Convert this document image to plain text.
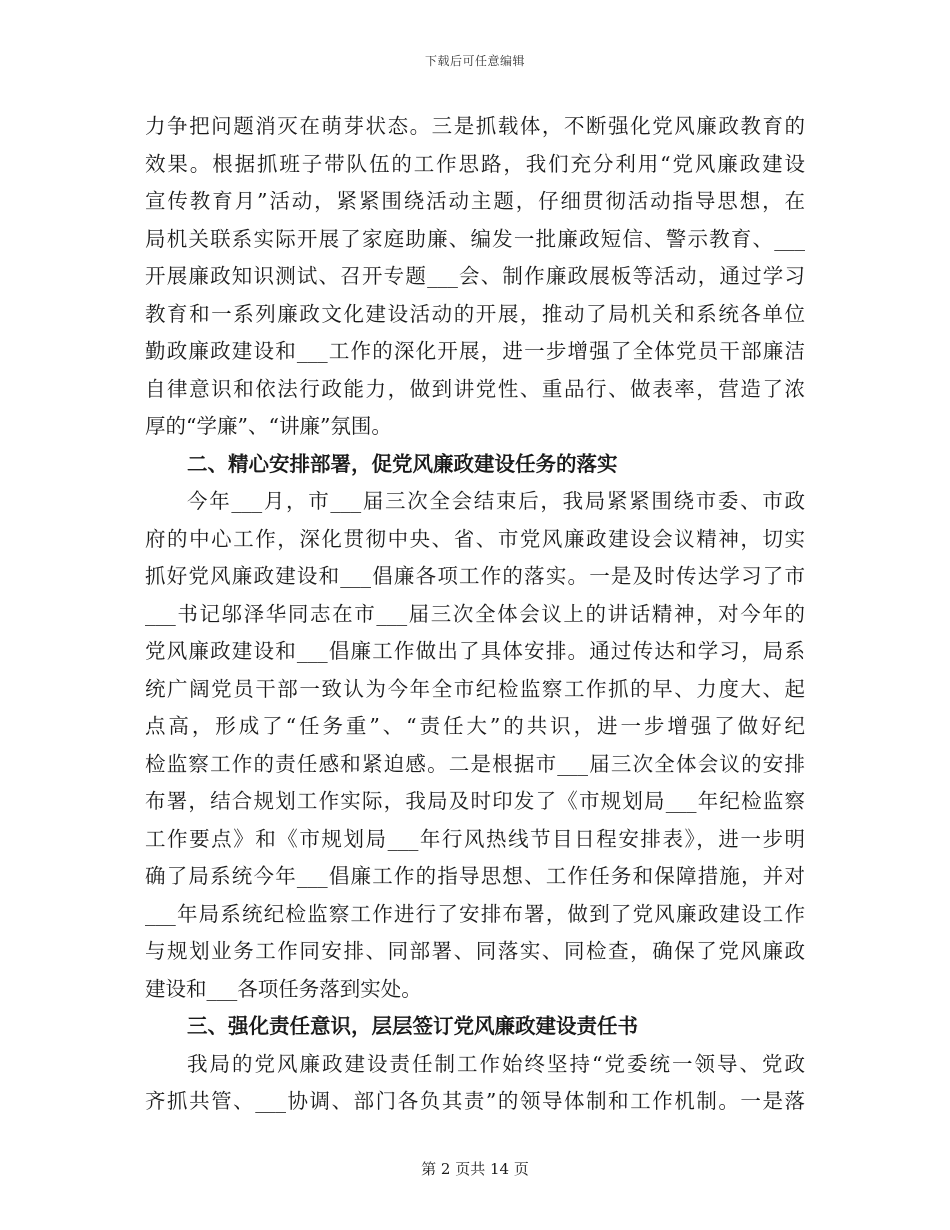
下载后可任意编辑
力争把问题消灭在萌芽状态。三是抓载体，不断强化党风廉政教育的
效果。根据抓班子带队伍的工作思路，我们充分利用“党风廉政建设
宣传教育月”活动，紧紧围绕活动主题，仔细贯彻活动指导思想，在
局机关联系实际开展了家庭助廉、编发一批廉政短信、警示教育、___
开展廉政知识测试、召开专题___会、制作廉政展板等活动，通过学习
教育和一系列廉政文化建设活动的开展，推动了局机关和系统各单位
勤政廉政建设和___工作的深化开展，进一步增强了全体党员干部廉洁
自律意识和依法行政能力，做到讲党性、重品行、做表率，营造了浓
厚的“学廉”、“讲廉”氛围。
二、精心安排部署，促党风廉政建设任务的落实
今年___月，市___届三次全会结束后，我局紧紧围绕市委、市政
府的中心工作，深化贯彻中央、省、市党风廉政建设会议精神，切实
抓好党风廉政建设和___倡廉各项工作的落实。一是及时传达学习了市
___书记邬泽华同志在市___届三次全体会议上的讲话精神，对今年的
党风廉政建设和___倡廉工作做出了具体安排。通过传达和学习，局系
统广阔党员干部一致认为今年全市纪检监察工作抓的早、力度大、起
点高，形成了“任务重”、“责任大”的共识，进一步增强了做好纪
检监察工作的责任感和紧迫感。二是根据市___届三次全体会议的安排
布署，结合规划工作实际，我局及时印发了《市规划局___年纪检监察
工作要点》和《市规划局___年行风热线节目日程安排表》，进一步明
确了局系统今年___倡廉工作的指导思想、工作任务和保障措施，并对
___年局系统纪检监察工作进行了安排布署，做到了党风廉政建设工作
与规划业务工作同安排、同部署、同落实、同检查，确保了党风廉政
建设和___各项任务落到实处。
三、强化责任意识，层层签订党风廉政建设责任书
我局的党风廉政建设责任制工作始终坚持“党委统一领导、党政
齐抓共管、___协调、部门各负其责”的领导体制和工作机制。一是落
第 2 页共 14 页
